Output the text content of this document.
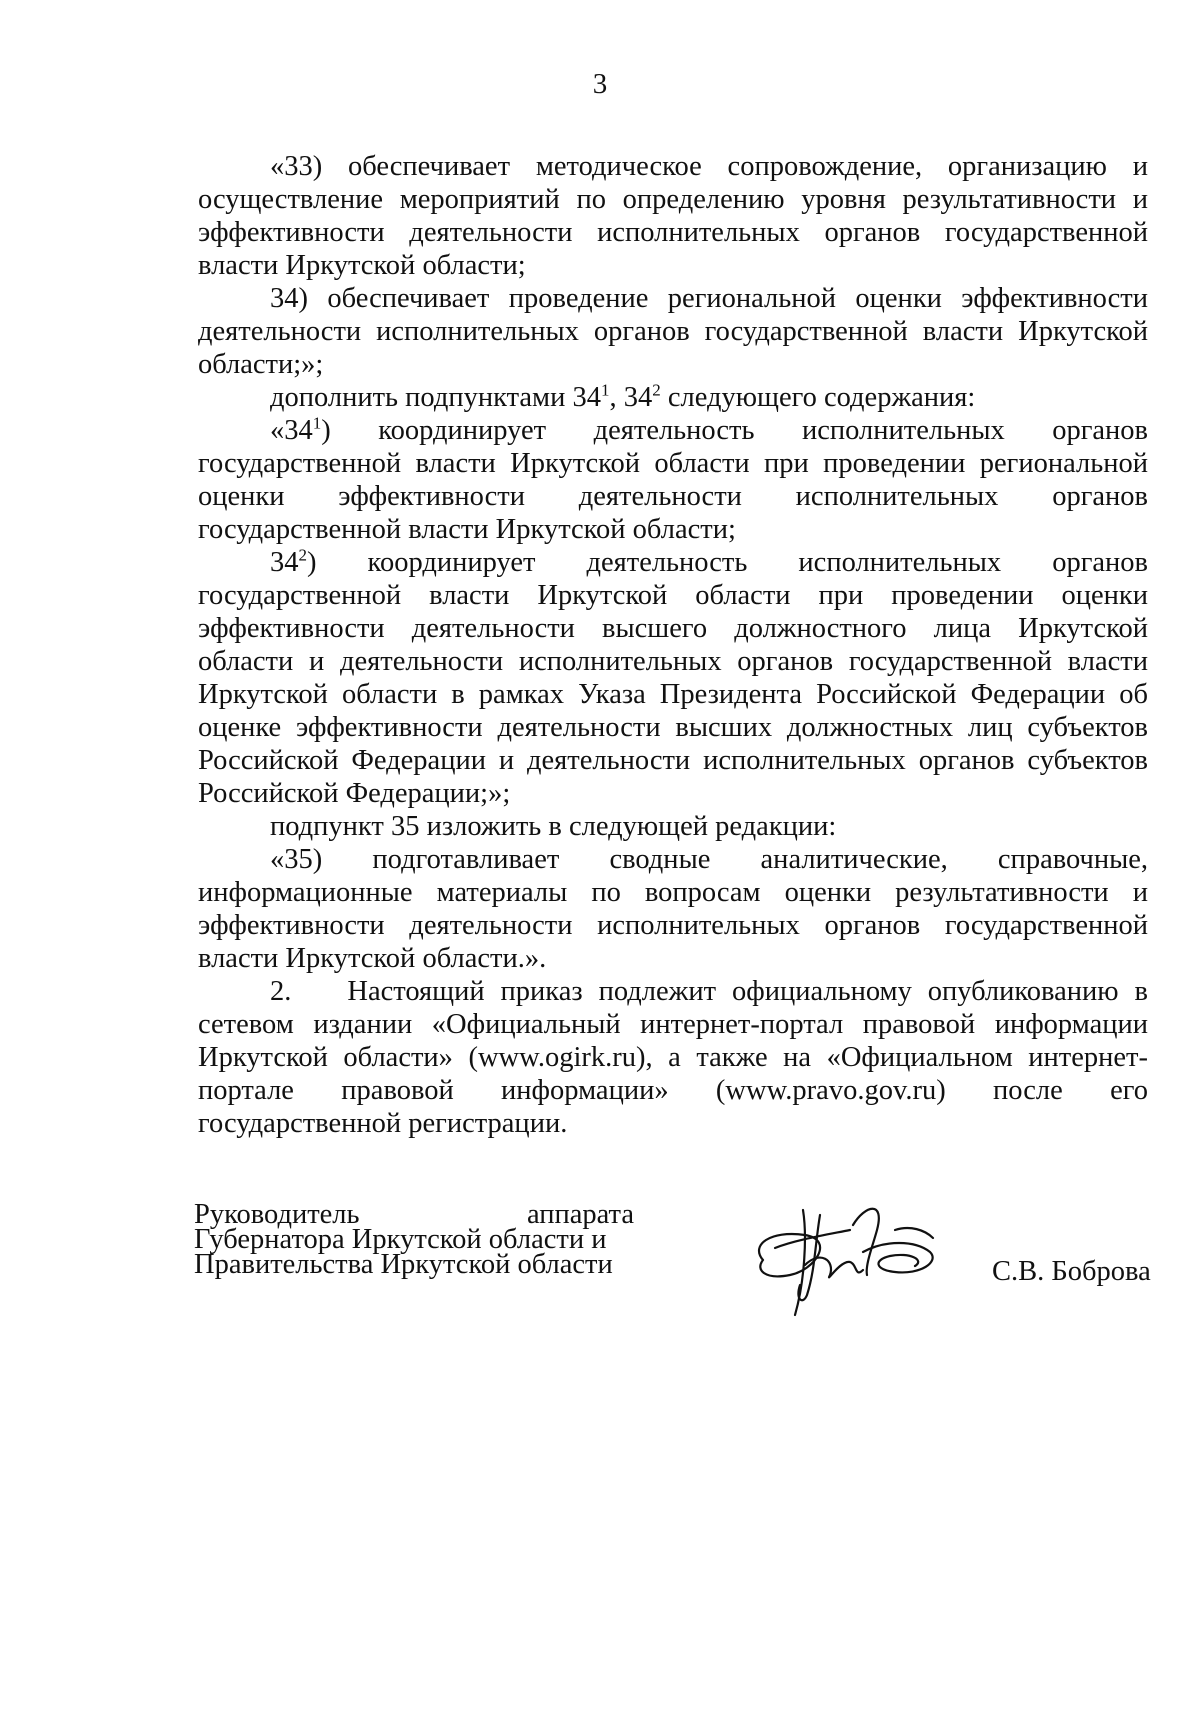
3

«33) обеспечивает методическое сопровождение, организацию и осуществление мероприятий по определению уровня результативности и эффективности деятельности исполнительных органов государственной власти Иркутской области;

34) обеспечивает проведение региональной оценки эффективности деятельности исполнительных органов государственной власти Иркутской области;»;

дополнить подпунктами $34^1$, $34^2$ следующего содержания:

«$34^1$) координирует деятельность исполнительных органов государственной власти Иркутской области при проведении региональной оценки эффективности деятельности исполнительных органов государственной власти Иркутской области;

$34^2$) координирует деятельность исполнительных органов государственной власти Иркутской области при проведении оценки эффективности деятельности высшего должностного лица Иркутской области и деятельности исполнительных органов государственной власти Иркутской области в рамках Указа Президента Российской Федерации об оценке эффективности деятельности высших должностных лиц субъектов Российской Федерации и деятельности исполнительных органов субъектов Российской Федерации;»;

подпункт 35 изложить в следующей редакции:

«35) подготавливает сводные аналитические, справочные, информационные материалы по вопросам оценки результативности и эффективности деятельности исполнительных органов государственной власти Иркутской области.».

2. Настоящий приказ подлежит официальному опубликованию в сетевом издании «Официальный интернет-портал правовой информации Иркутской области» (www.ogirk.ru), а также на «Официальном интернет-портале правовой информации» (www.pravo.gov.ru) после его государственной регистрации.

Руководитель	аппарата
Губернатора Иркутской области и
Правительства Иркутской области	С.В. Боброва
